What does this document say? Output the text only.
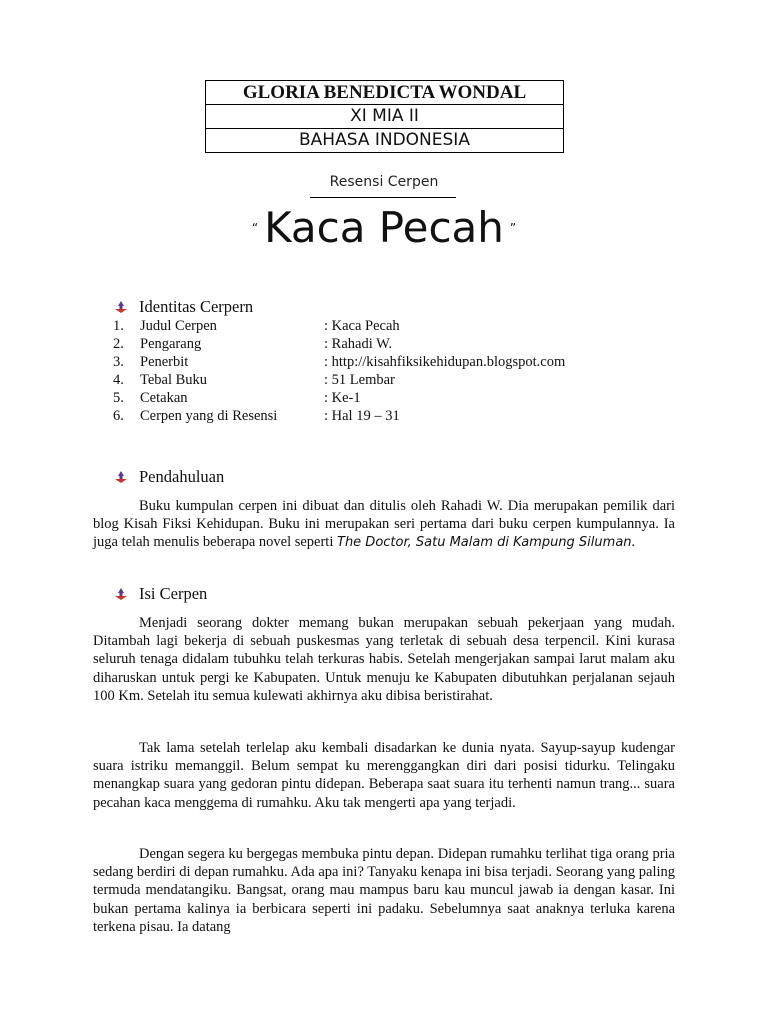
GLORIA BENEDICTA WONDAL
XI MIA II
BAHASA INDONESIA
Resensi Cerpen
“ Kaca Pecah ”
Identitas Cerpern
1. Judul Cerpen	: Kaca Pecah
2. Pengarang	: Rahadi W.
3. Penerbit	: http://kisahfiksikehidupan.blogspot.com
4. Tebal Buku	: 51 Lembar
5. Cetakan	: Ke-1
6. Cerpen yang di Resensi	: Hal 19 – 31
Pendahuluan

Buku kumpulan cerpen ini dibuat dan ditulis oleh Rahadi W. Dia merupakan pemilik dari blog Kisah Fiksi Kehidupan. Buku ini merupakan seri pertama dari buku cerpen kumpulannya. Ia juga telah menulis beberapa novel seperti The Doctor, Satu Malam di Kampung Siluman.

Isi Cerpen

Menjadi seorang dokter memang bukan merupakan sebuah pekerjaan yang mudah. Ditambah lagi bekerja di sebuah puskesmas yang terletak di sebuah desa terpencil. Kini kurasa seluruh tenaga didalam tubuhku telah terkuras habis. Setelah mengerjakan sampai larut malam aku diharuskan untuk pergi ke Kabupaten. Untuk menuju ke Kabupaten dibutuhkan perjalanan sejauh 100 Km. Setelah itu semua kulewati akhirnya aku dibisa beristirahat.

Tak lama setelah terlelap aku kembali disadarkan ke dunia nyata. Sayup-sayup kudengar suara istriku memanggil. Belum sempat ku merenggangkan diri dari posisi tidurku. Telingaku menangkap suara yang gedoran pintu didepan. Beberapa saat suara itu terhenti namun trang... suara pecahan kaca menggema di rumahku. Aku tak mengerti apa yang terjadi.

Dengan segera ku bergegas membuka pintu depan. Didepan rumahku terlihat tiga orang pria sedang berdiri di depan rumahku. Ada apa ini? Tanyaku kenapa ini bisa terjadi. Seorang yang paling termuda mendatangiku. Bangsat, orang mau mampus baru kau muncul jawab ia dengan kasar. Ini bukan pertama kalinya ia berbicara seperti ini padaku. Sebelumnya saat anaknya terluka karena terkena pisau. Ia datang
